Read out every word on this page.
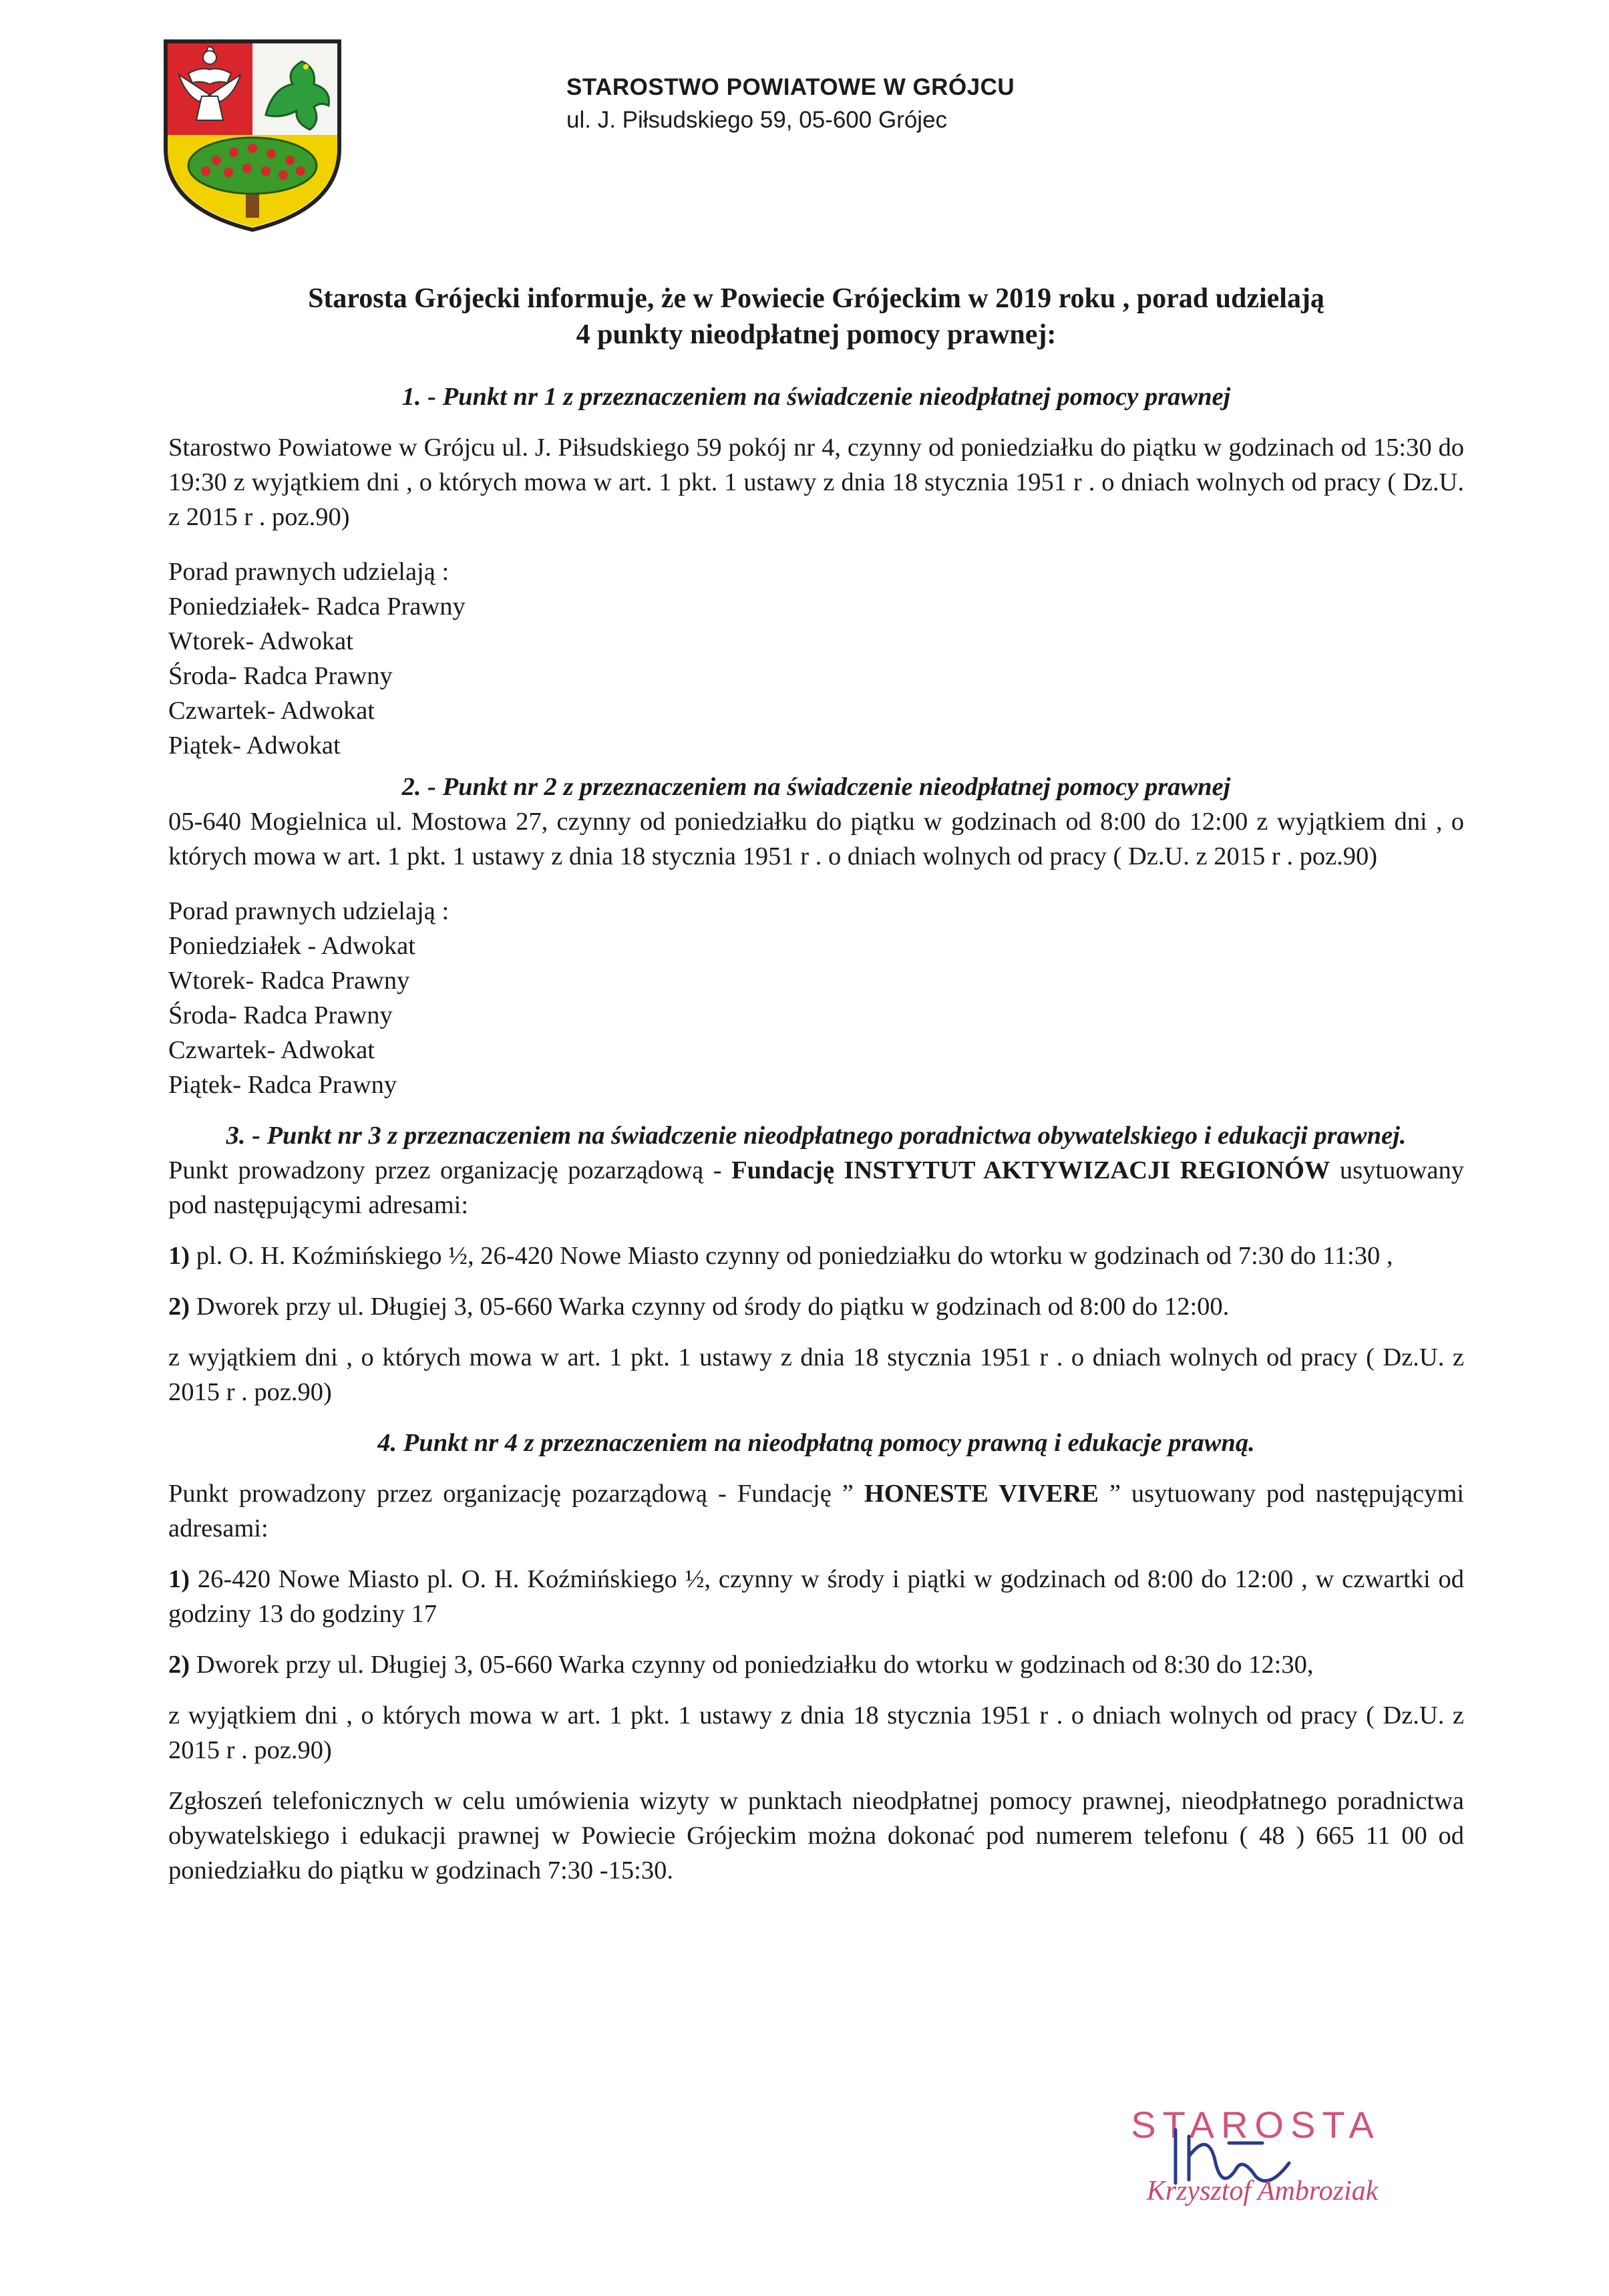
STAROSTWO POWIATOWE W GRÓJCU
ul. J. Piłsudskiego 59, 05-600 Grójec
Starosta Grójecki informuje, że w Powiecie Grójeckim w 2019 roku , porad udzielają
4 punkty nieodpłatnej pomocy prawnej:

1. - Punkt nr 1 z przeznaczeniem na świadczenie nieodpłatnej pomocy prawnej

Starostwo Powiatowe w Grójcu ul. J. Piłsudskiego 59 pokój nr 4, czynny od poniedziałku do piątku w godzinach od 15:30 do 19:30 z wyjątkiem dni , o których mowa w art. 1 pkt. 1 ustawy z dnia 18 stycznia 1951 r . o dniach wolnych od pracy ( Dz.U. z 2015 r . poz.90)

Porad prawnych udzielają :
Poniedziałek- Radca Prawny
Wtorek- Adwokat
Środa- Radca Prawny
Czwartek- Adwokat
Piątek- Adwokat

2. - Punkt nr 2 z przeznaczeniem na świadczenie nieodpłatnej pomocy prawnej

05-640 Mogielnica ul. Mostowa 27, czynny od poniedziałku do piątku w godzinach od 8:00 do 12:00 z wyjątkiem dni , o których mowa w art. 1 pkt. 1 ustawy z dnia 18 stycznia 1951 r . o dniach wolnych od pracy ( Dz.U. z 2015 r . poz.90)

Porad prawnych udzielają :
Poniedziałek - Adwokat
Wtorek- Radca Prawny
Środa- Radca Prawny
Czwartek- Adwokat
Piątek- Radca Prawny

3. - Punkt nr 3 z przeznaczeniem na świadczenie nieodpłatnego poradnictwa obywatelskiego i edukacji prawnej.

Punkt prowadzony przez organizację pozarządową - Fundację INSTYTUT AKTYWIZACJI REGIONÓW usytuowany pod następującymi adresami:

1) pl. O. H. Koźmińskiego ½, 26-420 Nowe Miasto czynny od poniedziałku do wtorku w godzinach od 7:30 do 11:30 ,

2) Dworek przy ul. Długiej 3, 05-660 Warka czynny od środy do piątku w godzinach od 8:00 do 12:00.

z wyjątkiem dni , o których mowa w art. 1 pkt. 1 ustawy z dnia 18 stycznia 1951 r . o dniach wolnych od pracy ( Dz.U. z 2015 r . poz.90)

4. Punkt nr 4 z przeznaczeniem na nieodpłatną pomocy prawną i edukacje prawną.

Punkt prowadzony przez organizację pozarządową - Fundację ” HONESTE VIVERE ” usytuowany pod następującymi adresami:

1) 26-420 Nowe Miasto pl. O. H. Koźmińskiego ½, czynny w środy i piątki w godzinach od 8:00 do 12:00 , w czwartki od godziny 13 do godziny 17

2) Dworek przy ul. Długiej 3, 05-660 Warka czynny od poniedziałku do wtorku w godzinach od 8:30 do 12:30,

z wyjątkiem dni , o których mowa w art. 1 pkt. 1 ustawy z dnia 18 stycznia 1951 r . o dniach wolnych od pracy ( Dz.U. z 2015 r . poz.90)

Zgłoszeń telefonicznych w celu umówienia wizyty w punktach nieodpłatnej pomocy prawnej, nieodpłatnego poradnictwa obywatelskiego i edukacji prawnej w Powiecie Grójeckim można dokonać pod numerem telefonu ( 48 ) 665 11 00 od poniedziałku do piątku w godzinach 7:30 -15:30.

STAROSTA
Krzysztof Ambroziak
